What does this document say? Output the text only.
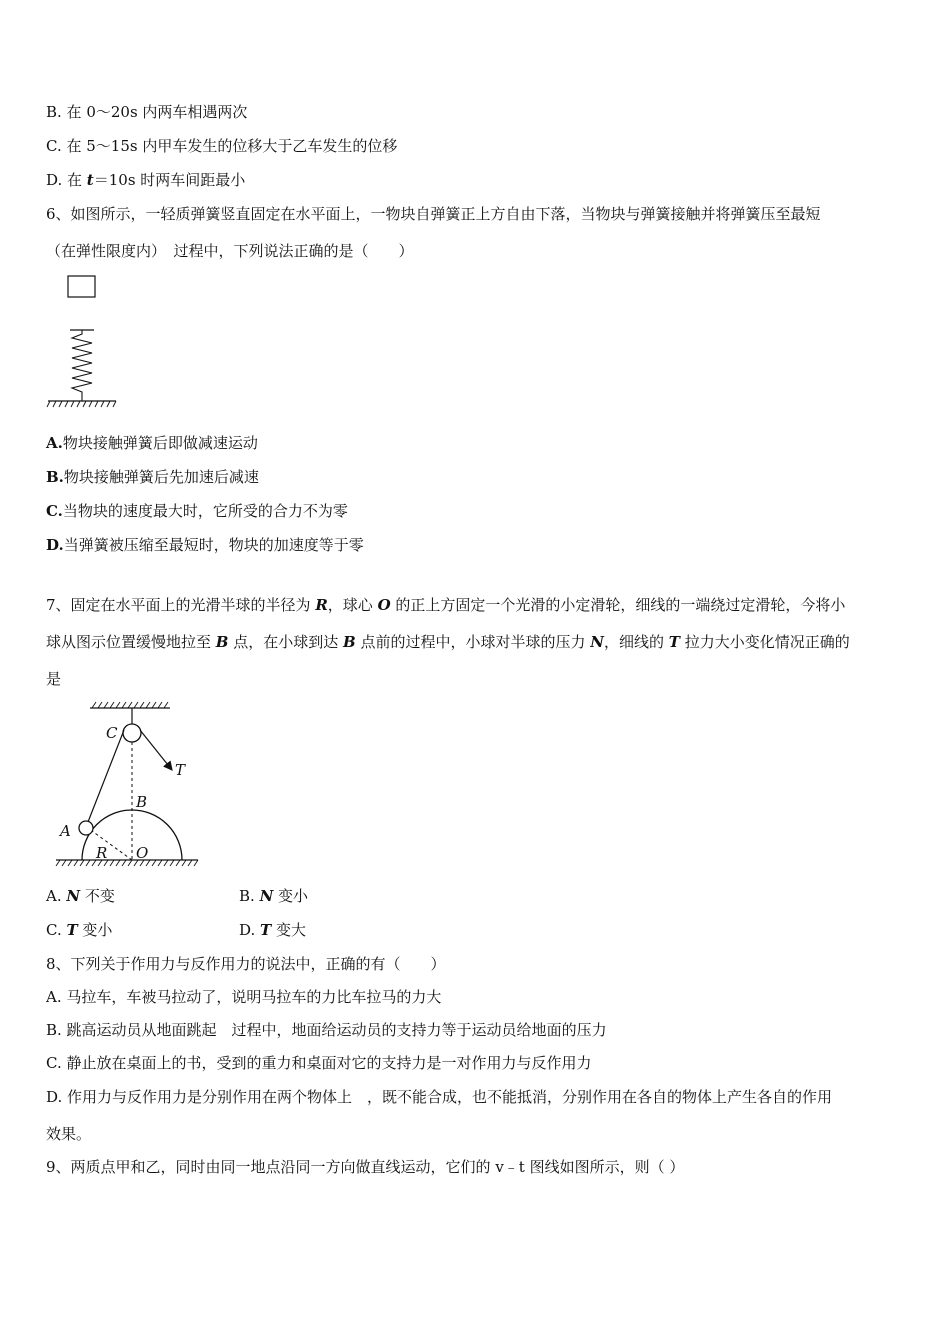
B. 在 0～20s 内两车相遇两次
C. 在 5～15s 内甲车发生的位移大于乙车发生的位移
D. 在 t＝10s 时两车间距最小
6、如图所示，一轻质弹簧竖直固定在水平面上，一物块自弹簧正上方自由下落，当物块与弹簧接触并将弹簧压至最短
（在弹性限度内）　过程中，下列说法正确的是（　　）
A.物块接触弹簧后即做减速运动
B.物块接触弹簧后先加速后减速
C.当物块的速度最大时，它所受的合力不为零
D.当弹簧被压缩至最短时，物块的加速度等于零
7、固定在水平面上的光滑半球的半径为 R，球心 O 的正上方固定一个光滑的小定滑轮，细线的一端绕过定滑轮，今将小
球从图示位置缓慢地拉至 B 点，在小球到达 B 点前的过程中，小球对半球的压力 N，细线的 T 拉力大小变化情况正确的
是
C
T
B
A
R O
A. N 不变	B. N 变小
C. T 变小	D. T 变大
8、下列关于作用力与反作用力的说法中，正确的有（　　）
A. 马拉车，车被马拉动了，说明马拉车的力比车拉马的力大
B. 跳高运动员从地面跳起　过程中，地面给运动员的支持力等于运动员给地面的压力
C. 静止放在桌面上的书，受到的重力和桌面对它的支持力是一对作用力与反作用力
D. 作用力与反作用力是分别作用在两个物体上　，既不能合成，也不能抵消，分别作用在各自的物体上产生各自的作用
效果。
9、两质点甲和乙，同时由同一地点沿同一方向做直线运动，它们的 v﹣t 图线如图所示，则（ ）
